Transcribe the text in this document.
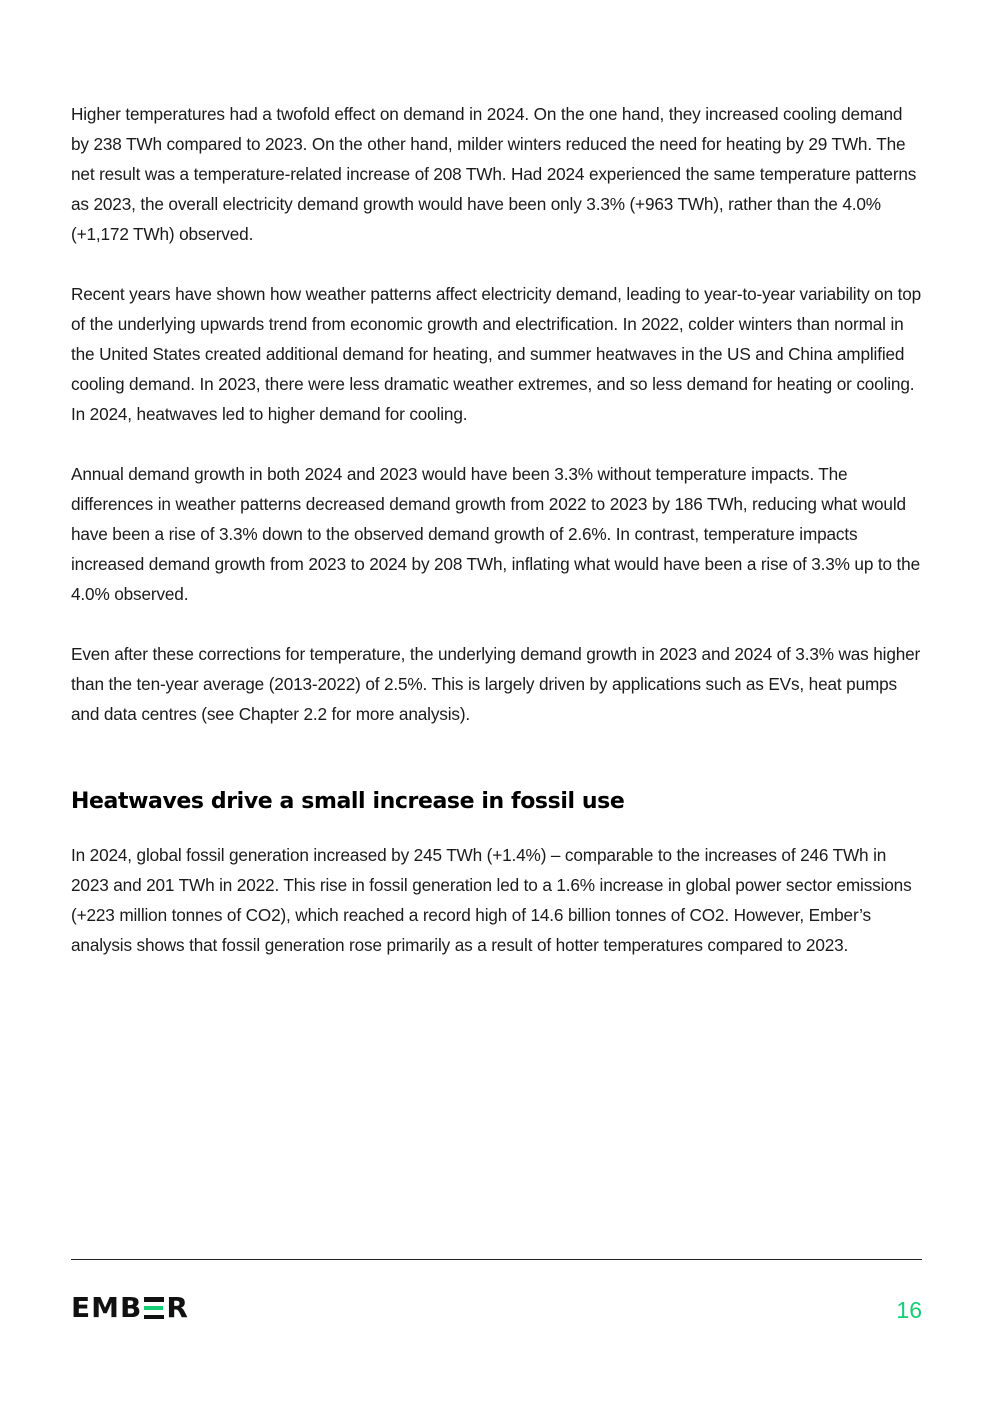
Higher temperatures had a twofold effect on demand in 2024. On the one hand, they increased cooling demand by 238 TWh compared to 2023. On the other hand, milder winters reduced the need for heating by 29 TWh. The net result was a temperature-related increase of 208 TWh. Had 2024 experienced the same temperature patterns as 2023, the overall electricity demand growth would have been only 3.3% (+963 TWh), rather than the 4.0% (+1,172 TWh) observed.

Recent years have shown how weather patterns affect electricity demand, leading to year-to-year variability on top of the underlying upwards trend from economic growth and electrification. In 2022, colder winters than normal in the United States created additional demand for heating, and summer heatwaves in the US and China amplified cooling demand. In 2023, there were less dramatic weather extremes, and so less demand for heating or cooling. In 2024, heatwaves led to higher demand for cooling.

Annual demand growth in both 2024 and 2023 would have been 3.3% without temperature impacts. The differences in weather patterns decreased demand growth from 2022 to 2023 by 186 TWh, reducing what would have been a rise of 3.3% down to the observed demand growth of 2.6%. In contrast, temperature impacts increased demand growth from 2023 to 2024 by 208 TWh, inflating what would have been a rise of 3.3% up to the 4.0% observed.

Even after these corrections for temperature, the underlying demand growth in 2023 and 2024 of 3.3% was higher than the ten-year average (2013-2022) of 2.5%. This is largely driven by applications such as EVs, heat pumps and data centres (see Chapter 2.2 for more analysis).

Heatwaves drive a small increase in fossil use

In 2024, global fossil generation increased by 245 TWh (+1.4%) – comparable to the increases of 246 TWh in 2023 and 201 TWh in 2022. This rise in fossil generation led to a 1.6% increase in global power sector emissions (+223 million tonnes of CO2), which reached a record high of 14.6 billion tonnes of CO2. However, Ember’s analysis shows that fossil generation rose primarily as a result of hotter temperatures compared to 2023.

EMB R	16
